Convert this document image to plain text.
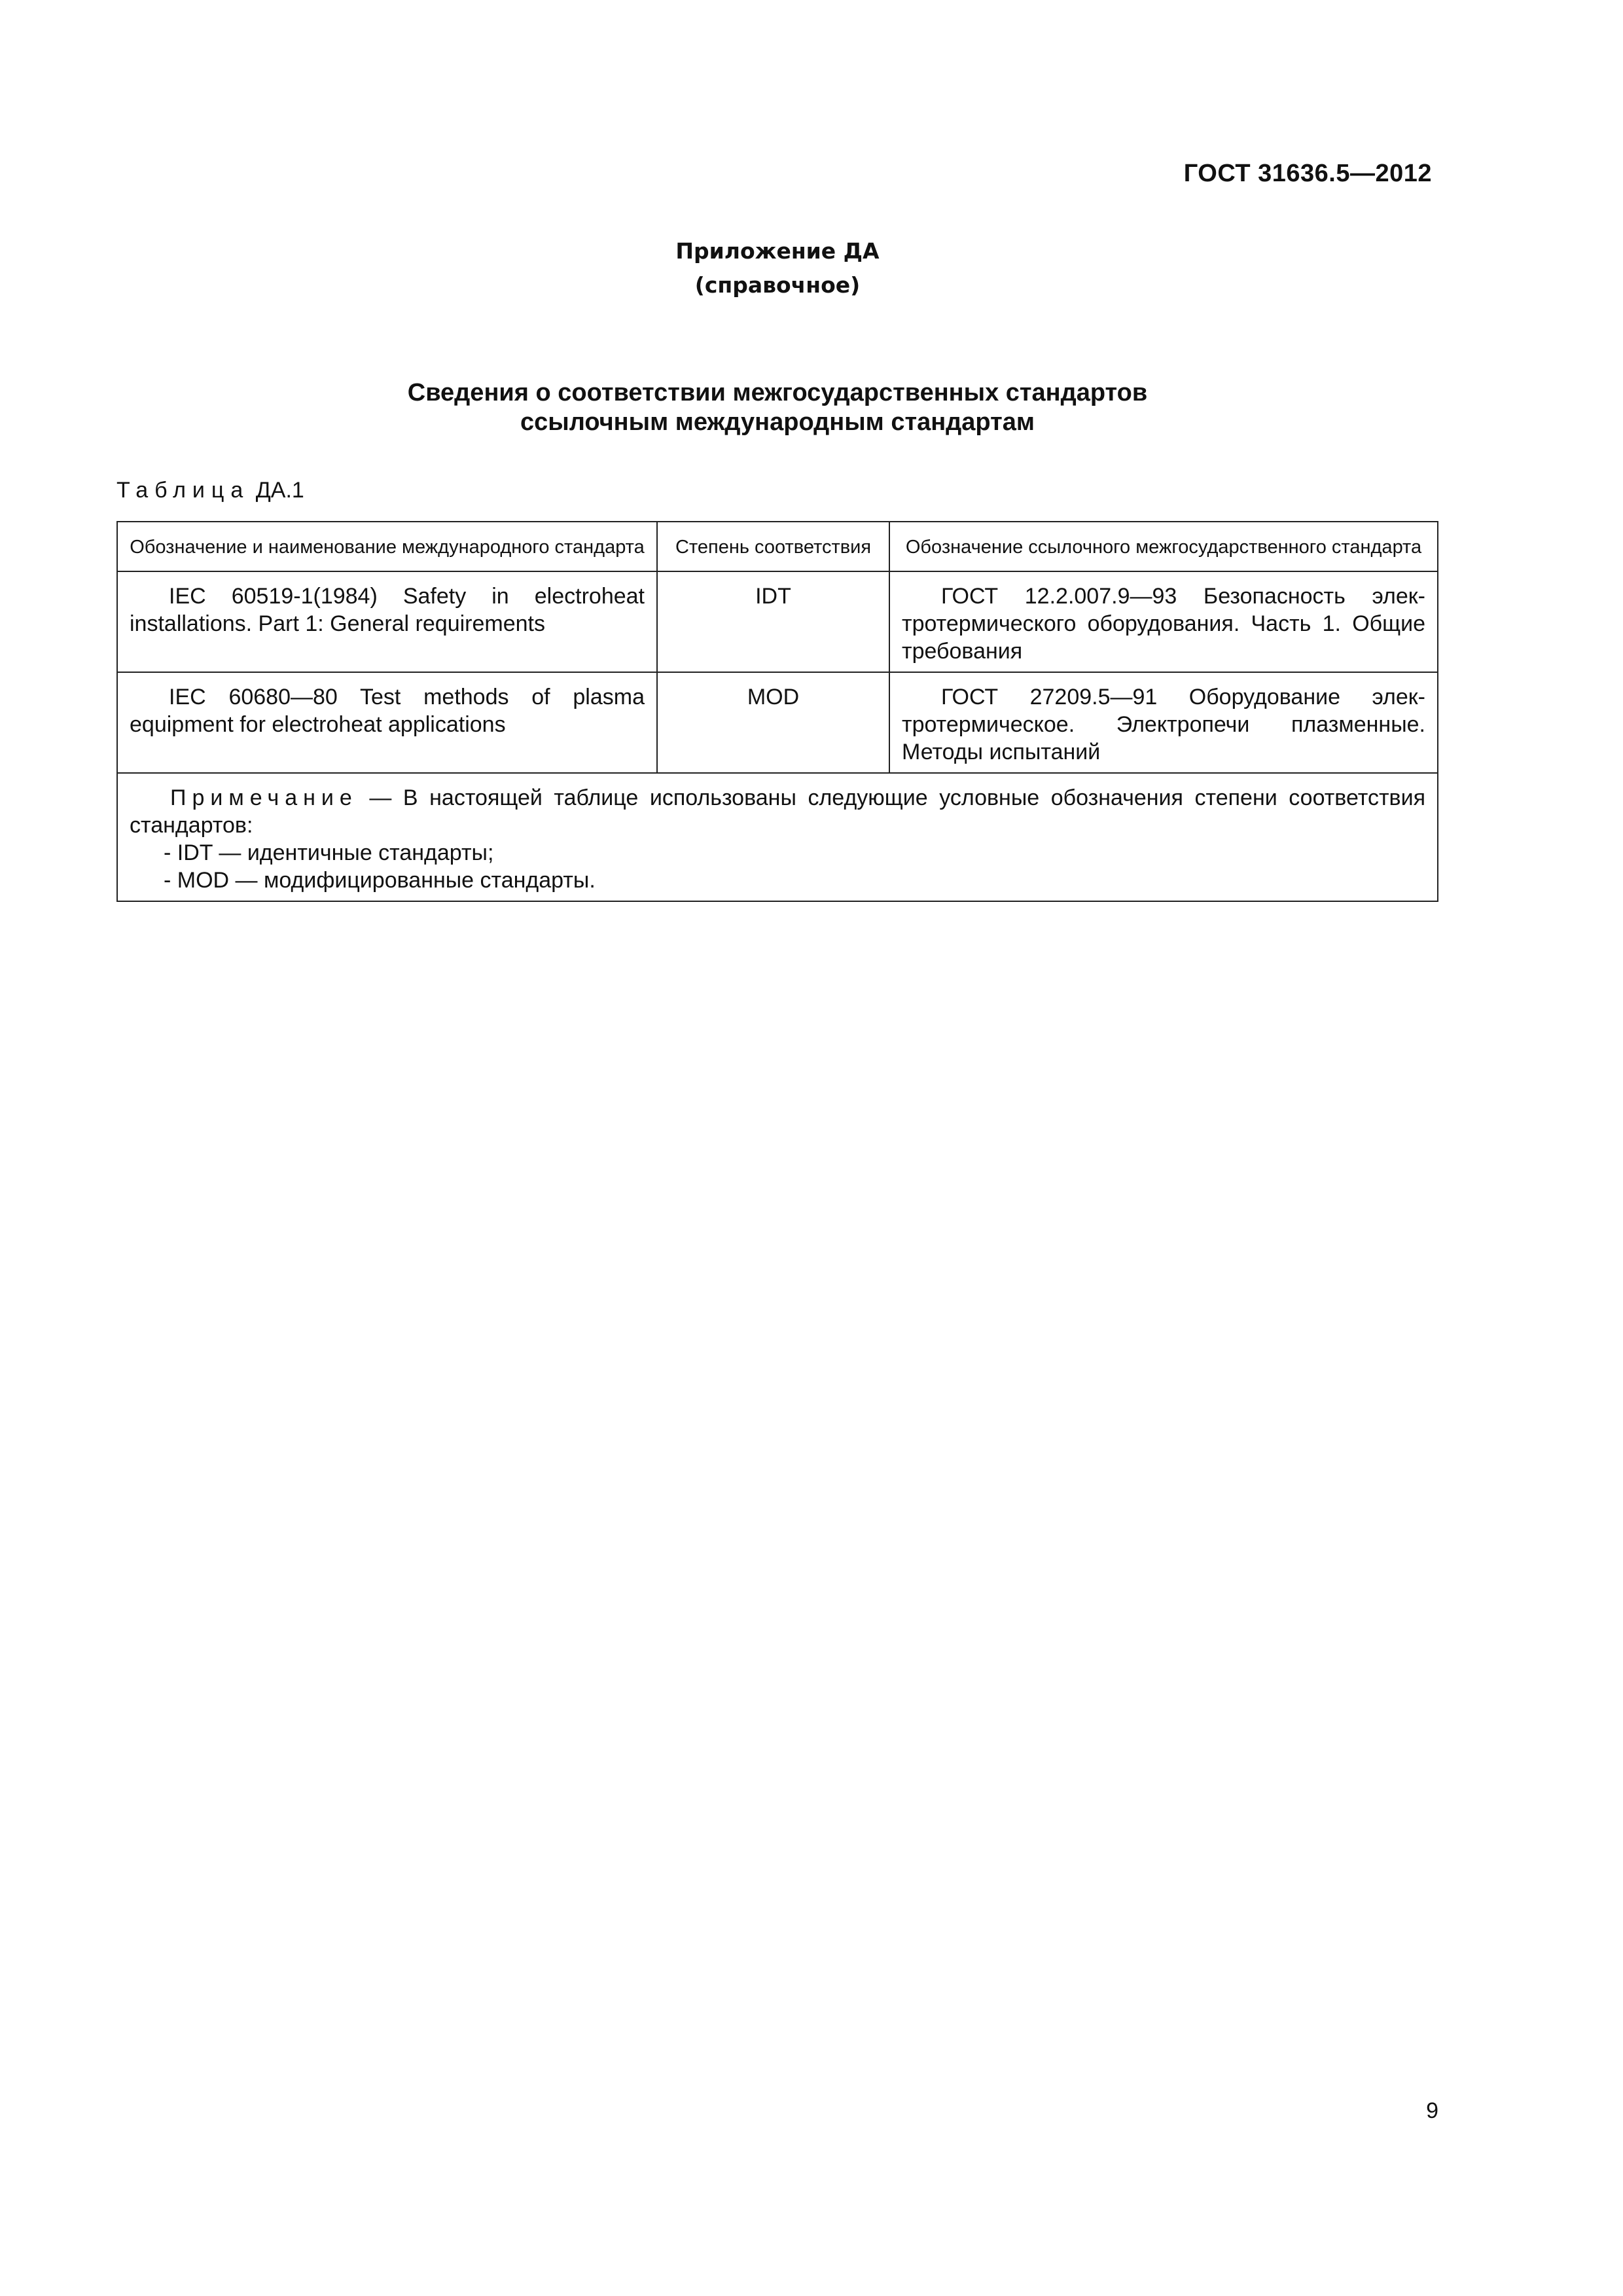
ГОСТ 31636.5—2012
Приложение ДА
(справочное)
Сведения о соответствии межгосударственных стандартов
ссылочным международным стандартам
Таблица ДА.1
Обозначение и наименование международного стандарта	Степень соответствия	Обозначение ссылочного межгосударственного стандарта
IEC 60519-1(1984) Safety in electroheat installations. Part 1: General requirements	IDT	ГОСТ 12.2.007.9—93 Безопасность электротермического оборудования. Часть 1. Общие требования
IEC 60680—80 Test methods of plasma equipment for electroheat applications	MOD	ГОСТ 27209.5—91 Оборудование электротермическое. Электропечи плазменные. Методы испытаний

Примечание — В настоящей таблице использованы следующие условные обозначения степени соответствия стандартов:
- IDT — идентичные стандарты;
- MOD — модифицированные стандарты.		
9
